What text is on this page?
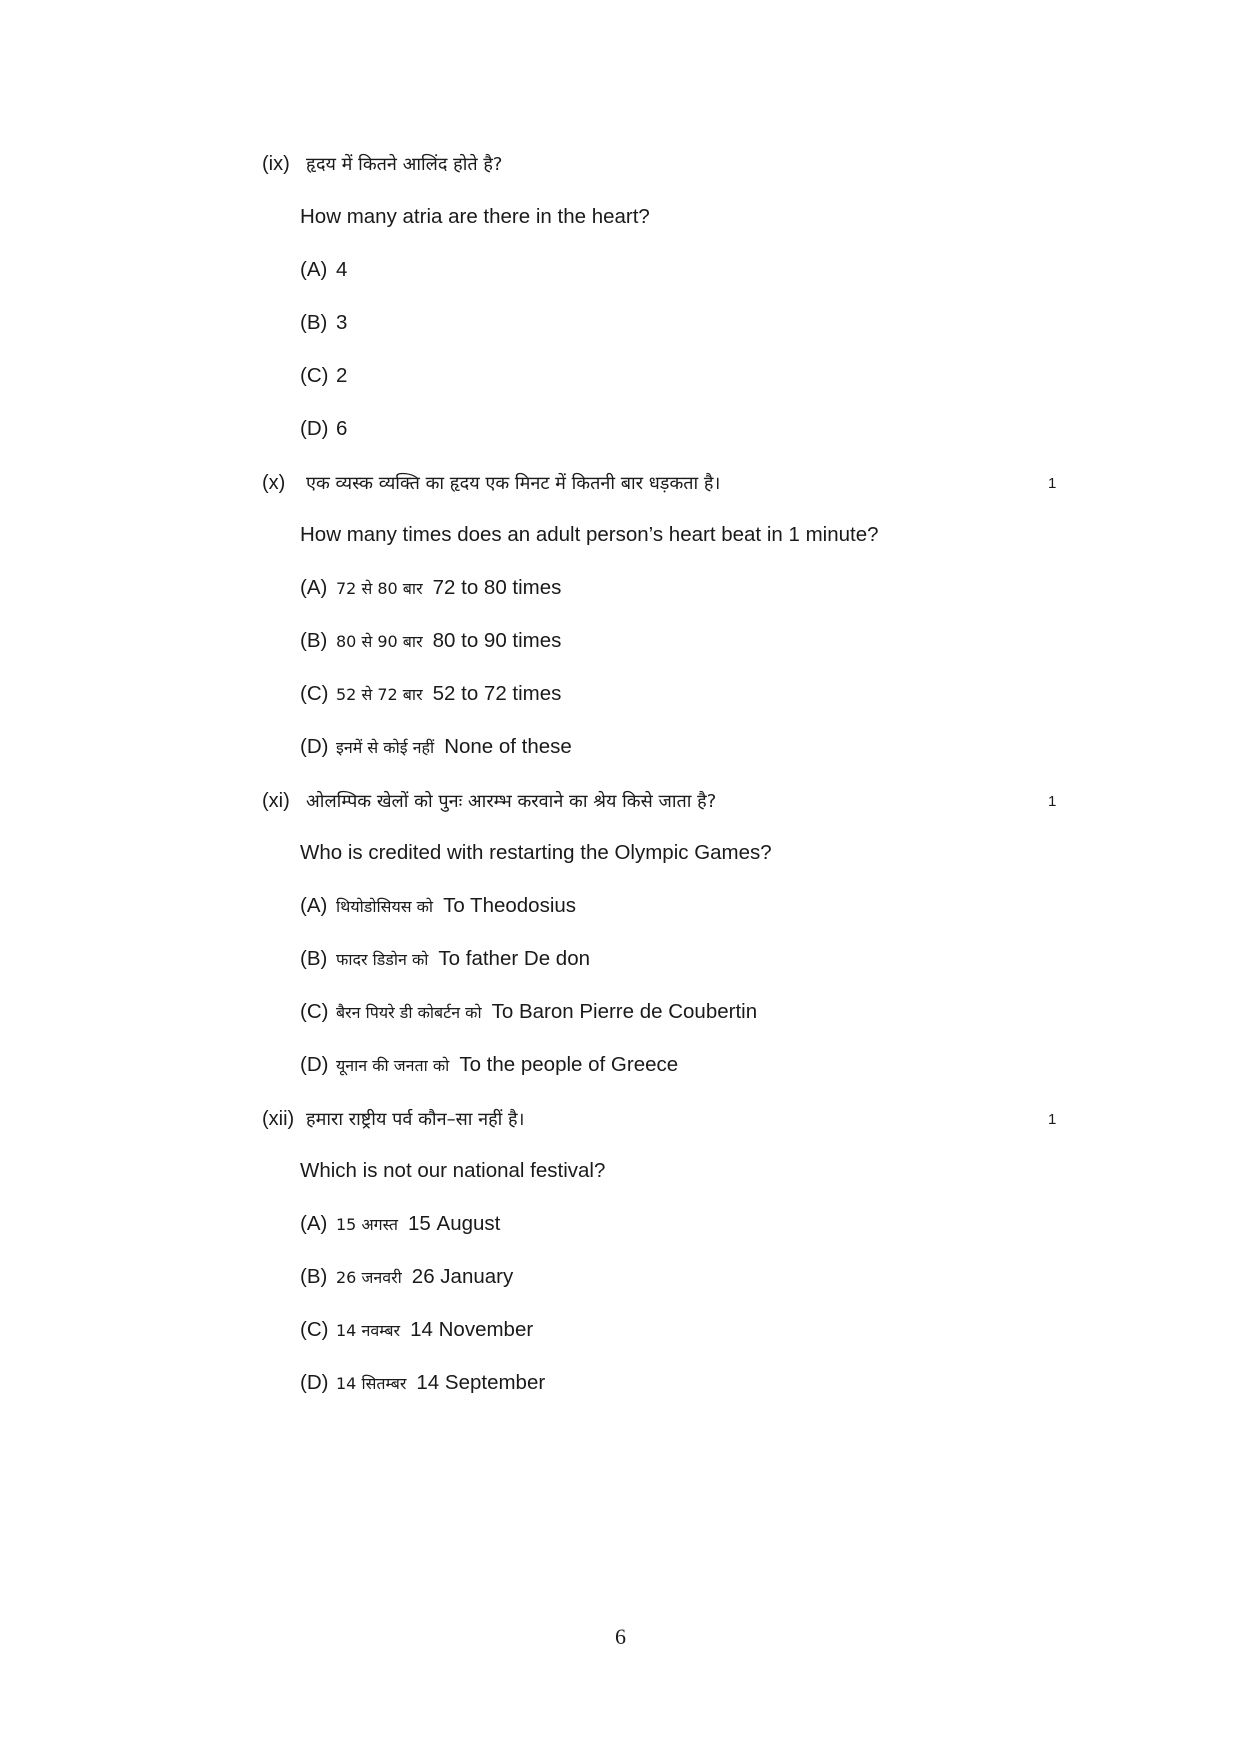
(ix) हृदय में कितने आलिंद होते है?
How many atria are there in the heart?
(A) 4
(B) 3
(C) 2
(D) 6
(x) एक व्यस्क व्यक्ति का हृदय एक मिनट में कितनी बार धड़कता है।	1
How many times does an adult person’s heart beat in 1 minute?
(A) 72 से 80 बार 72 to 80 times
(B) 80 से 90 बार 80 to 90 times
(C) 52 से 72 बार 52 to 72 times
(D) इनमें से कोई नहीं None of these
(xi) ओलम्पिक खेलों को पुनः आरम्भ करवाने का श्रेय किसे जाता है?	1
Who is credited with restarting the Olympic Games?
(A) थियोडोसियस को To Theodosius
(B) फादर डिडोन को To father De don
(C) बैरन पियरे डी कोबर्टन को To Baron Pierre de Coubertin
(D) यूनान की जनता को To the people of Greece
(xii) हमारा राष्ट्रीय पर्व कौन–सा नहीं है।	1
Which is not our national festival?
(A) 15 अगस्त 15 August
(B) 26 जनवरी 26 January
(C) 14 नवम्बर 14 November
(D) 14 सितम्बर 14 September
6
